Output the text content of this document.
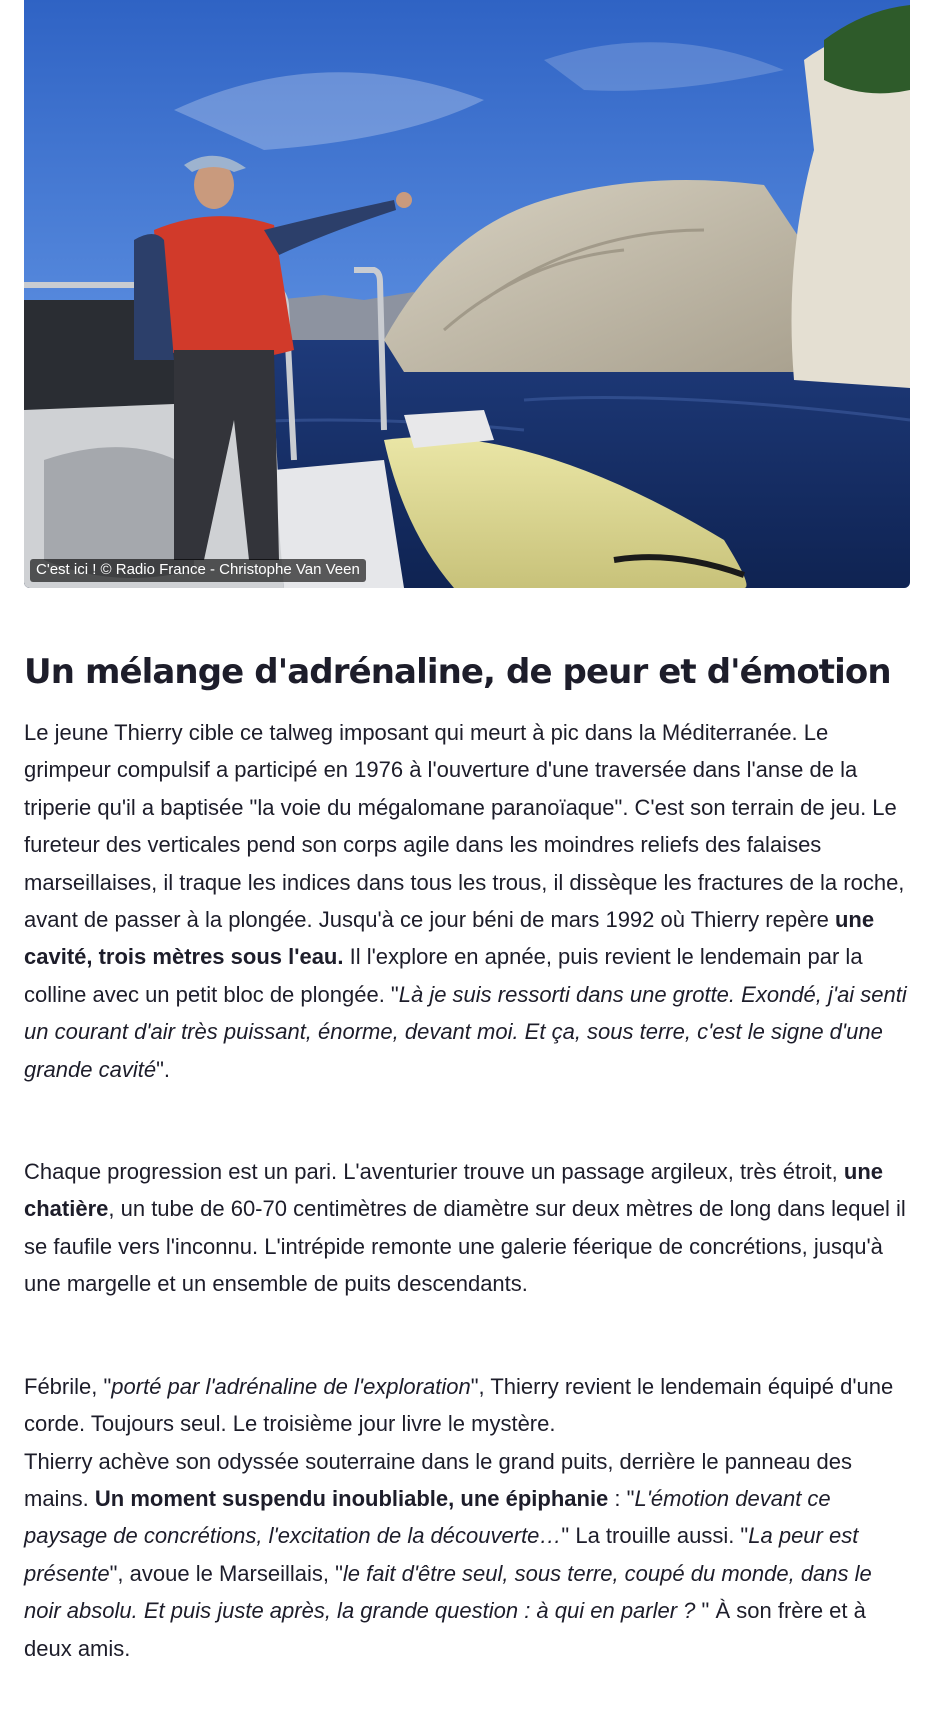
C'est ici ! © Radio France - Christophe Van Veen
Un mélange d'adrénaline, de peur et d'émotion

Le jeune Thierry cible ce talweg imposant qui meurt à pic dans la Méditerranée. Le grimpeur compulsif a participé en 1976 à l'ouverture d'une traversée dans l'anse de la triperie qu'il a baptisée "la voie du mégalomane paranoïaque". C'est son terrain de jeu. Le fureteur des verticales pend son corps agile dans les moindres reliefs des falaises marseillaises, il traque les indices dans tous les trous, il dissèque les fractures de la roche, avant de passer à la plongée. Jusqu'à ce jour béni de mars 1992 où Thierry repère une cavité, trois mètres sous l'eau. Il l'explore en apnée, puis revient le lendemain par la colline avec un petit bloc de plongée. "Là je suis ressorti dans une grotte. Exondé, j'ai senti un courant d'air très puissant, énorme, devant moi. Et ça, sous terre, c'est le signe d'une grande cavité".

Chaque progression est un pari. L'aventurier trouve un passage argileux, très étroit, une chatière, un tube de 60-70 centimètres de diamètre sur deux mètres de long dans lequel il se faufile vers l'inconnu. L'intrépide remonte une galerie féerique de concrétions, jusqu'à une margelle et un ensemble de puits descendants.

Fébrile, "porté par l'adrénaline de l'exploration", Thierry revient le lendemain équipé d'une corde. Toujours seul. Le troisième jour livre le mystère.
Thierry achève son odyssée souterraine dans le grand puits, derrière le panneau des mains. Un moment suspendu inoubliable, une épiphanie : "L'émotion devant ce paysage de concrétions, l'excitation de la découverte…" La trouille aussi. "La peur est présente", avoue le Marseillais, "le fait d'être seul, sous terre, coupé du monde, dans le noir absolu. Et puis juste après, la grande question : à qui en parler ? " À son frère et à deux amis.
